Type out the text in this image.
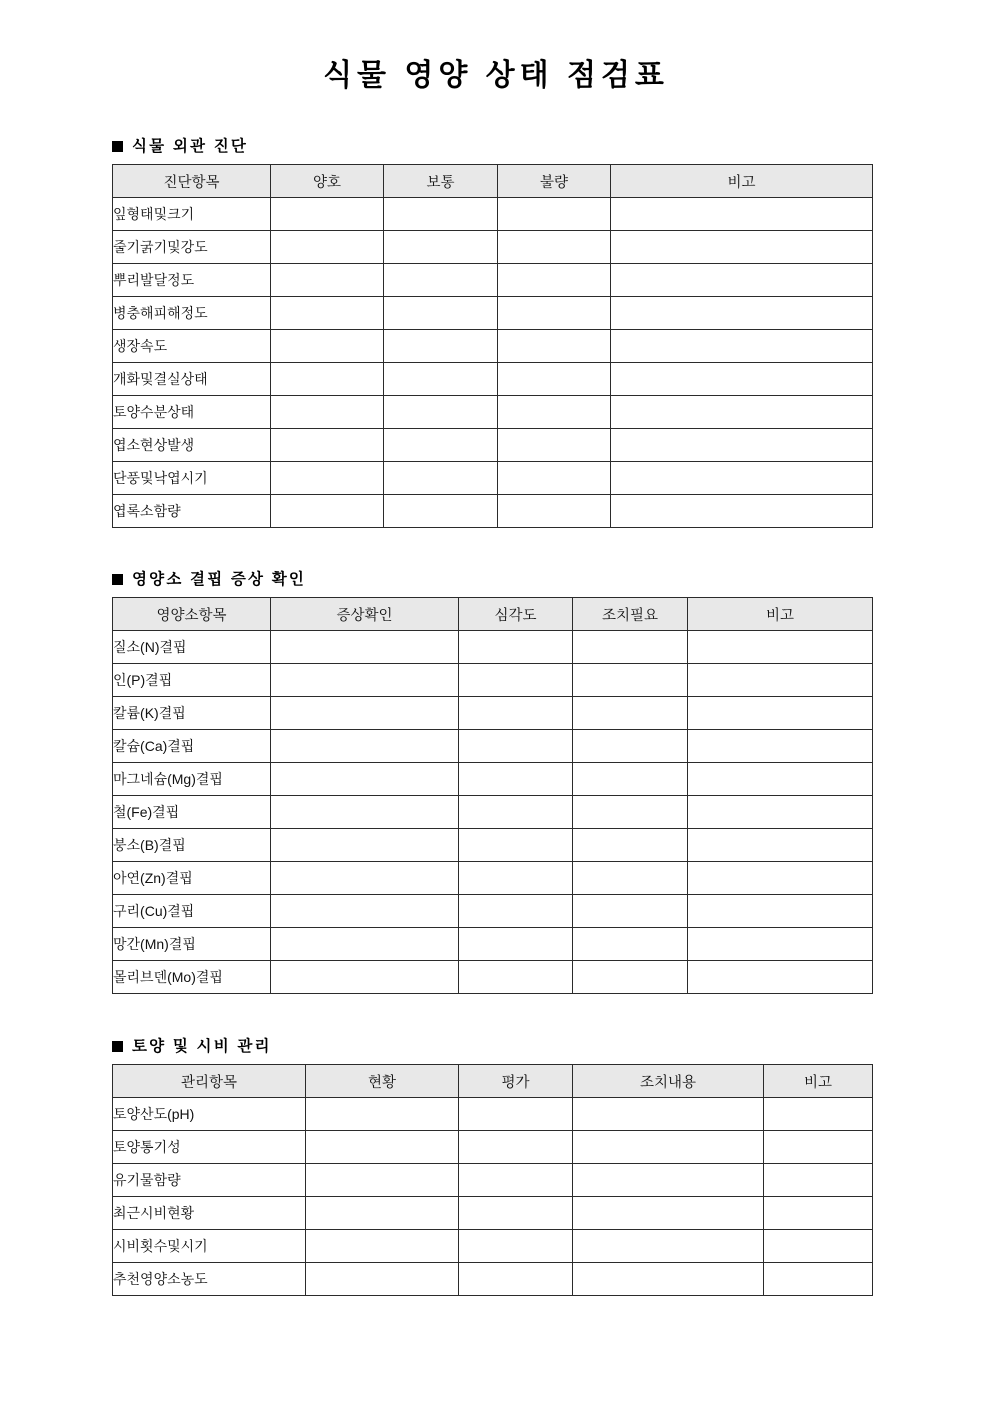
식물 영양 상태 점검표
식물 외관 진단
진단항목	양호	보통	불량	비고
잎형태및크기				
줄기굵기및강도				
뿌리발달정도				
병충해피해정도				
생장속도				
개화및결실상태				
토양수분상태				
엽소현상발생				
단풍및낙엽시기				
엽록소함량				
영양소 결핍 증상 확인
영양소항목	증상확인	심각도	조치필요	비고
질소(N)결핍				
인(P)결핍				
칼륨(K)결핍				
칼슘(Ca)결핍				
마그네슘(Mg)결핍				
철(Fe)결핍				
붕소(B)결핍				
아연(Zn)결핍				
구리(Cu)결핍				
망간(Mn)결핍				
몰리브덴(Mo)결핍				
토양 및 시비 관리
관리항목	현황	평가	조치내용	비고
토양산도(pH)				
토양통기성				
유기물함량				
최근시비현황				
시비횟수및시기				
추천영양소농도				
